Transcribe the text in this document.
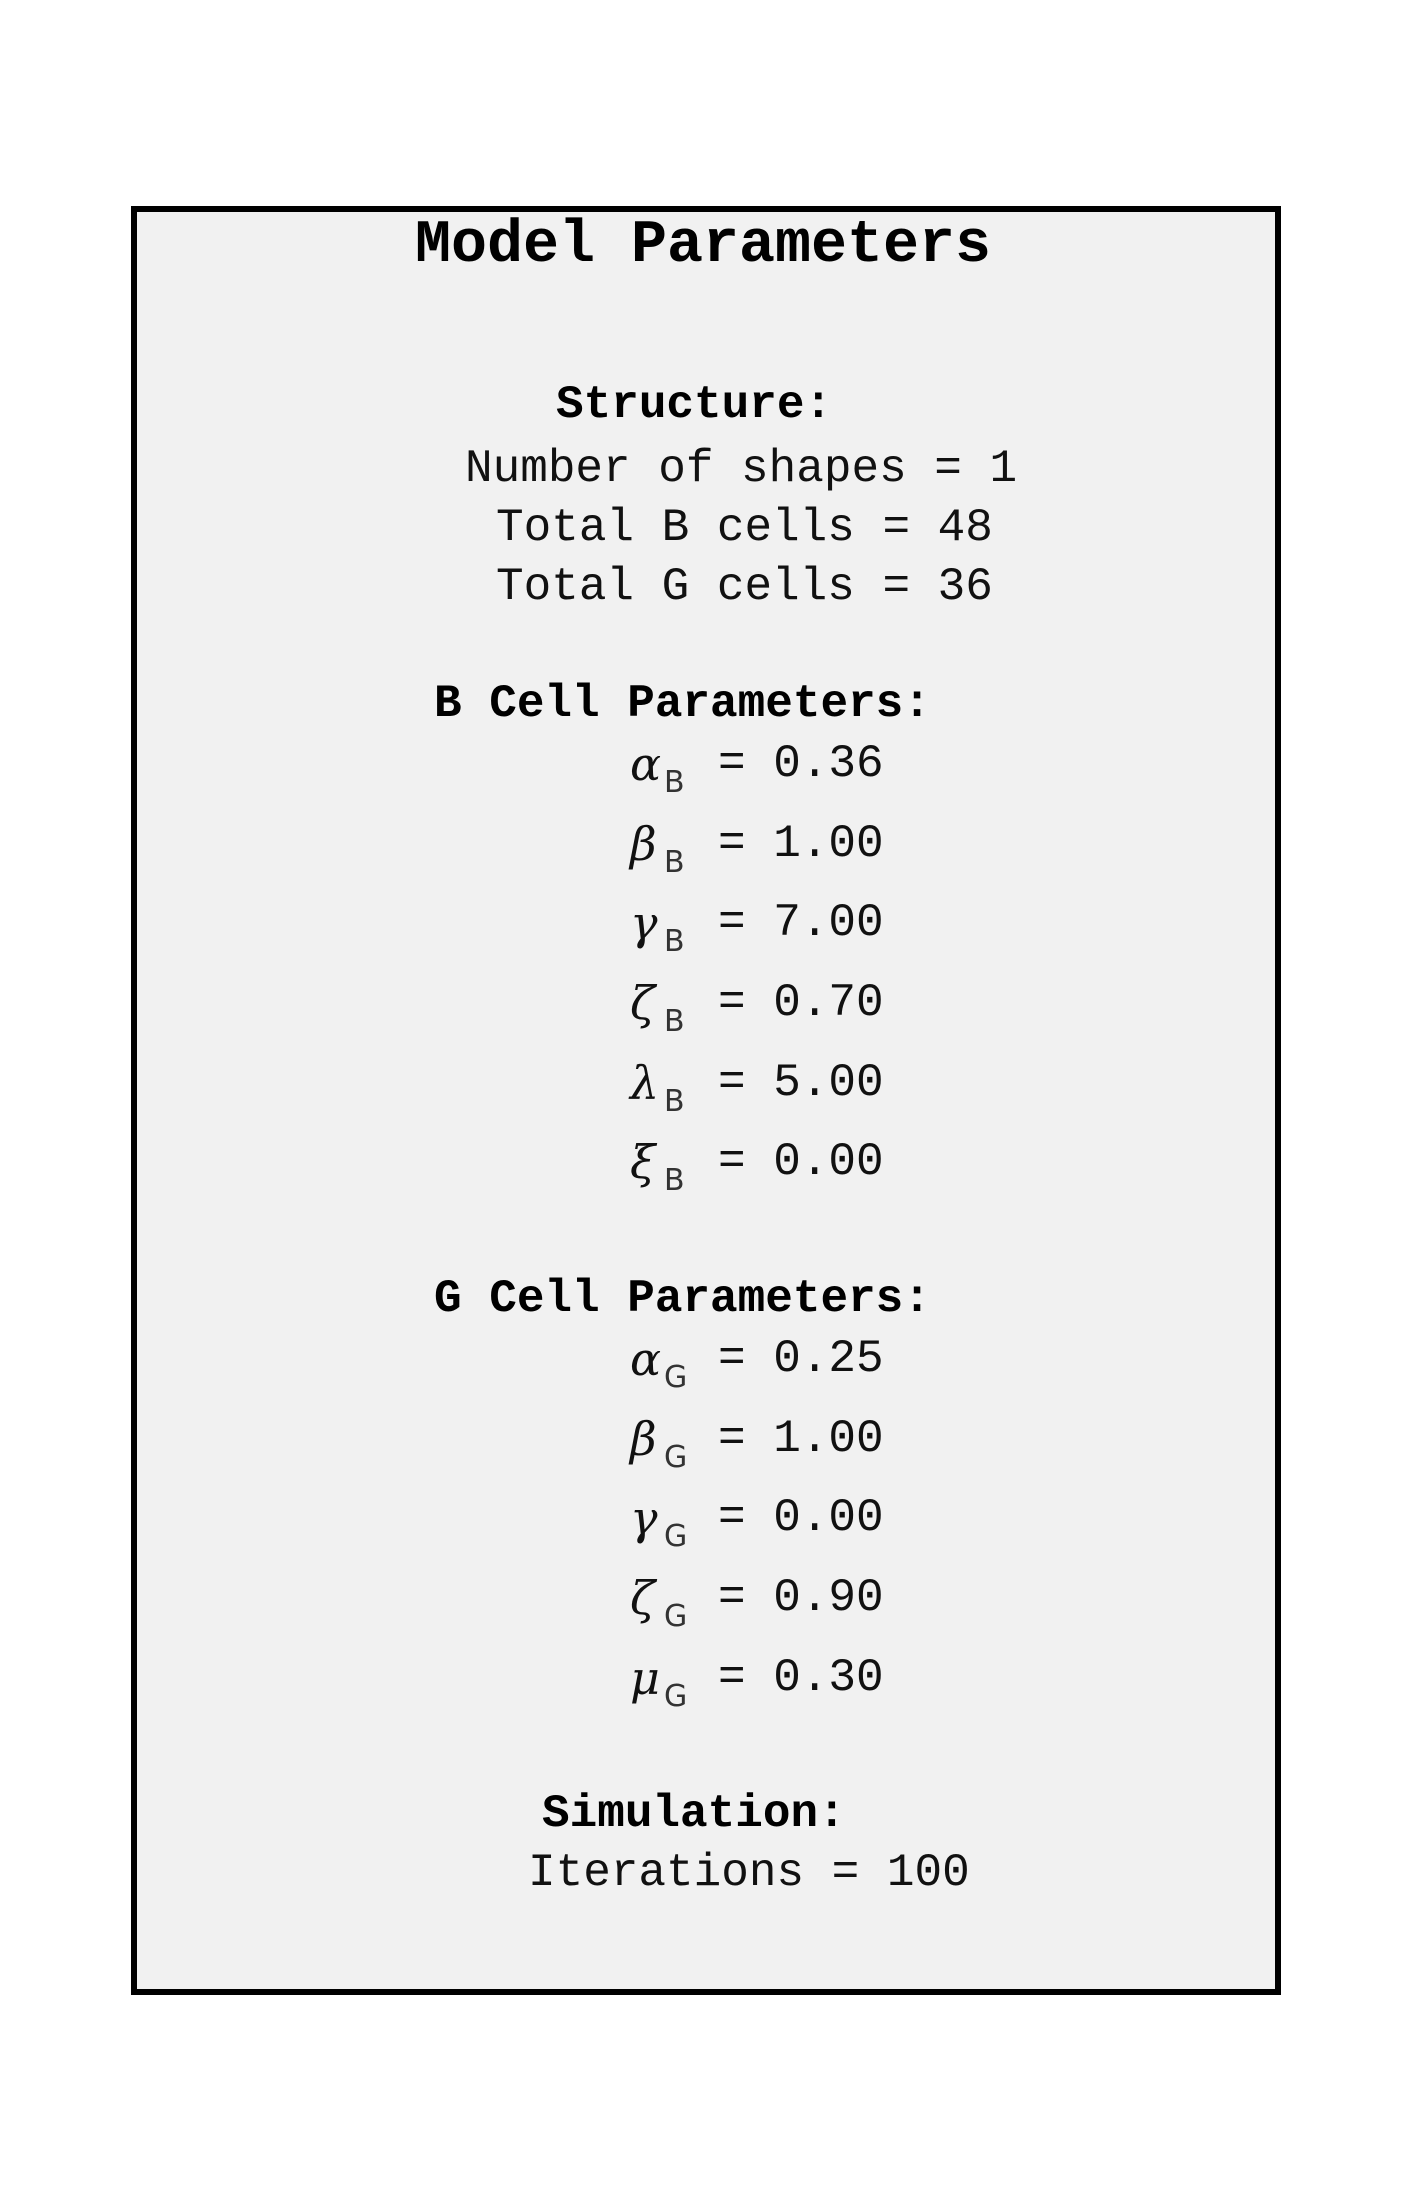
Model Parameters
Structure:
Number of shapes = 1
Total B cells = 48
Total G cells = 36
B Cell Parameters:
α B = 0.36
β B = 1.00
γ B = 7.00
ζ B = 0.70
λ B = 5.00
ξ B = 0.00
G Cell Parameters:
α G = 0.25
β G = 1.00
γ G = 0.00
ζ G = 0.90
μ G = 0.30
Simulation:
Iterations = 100
